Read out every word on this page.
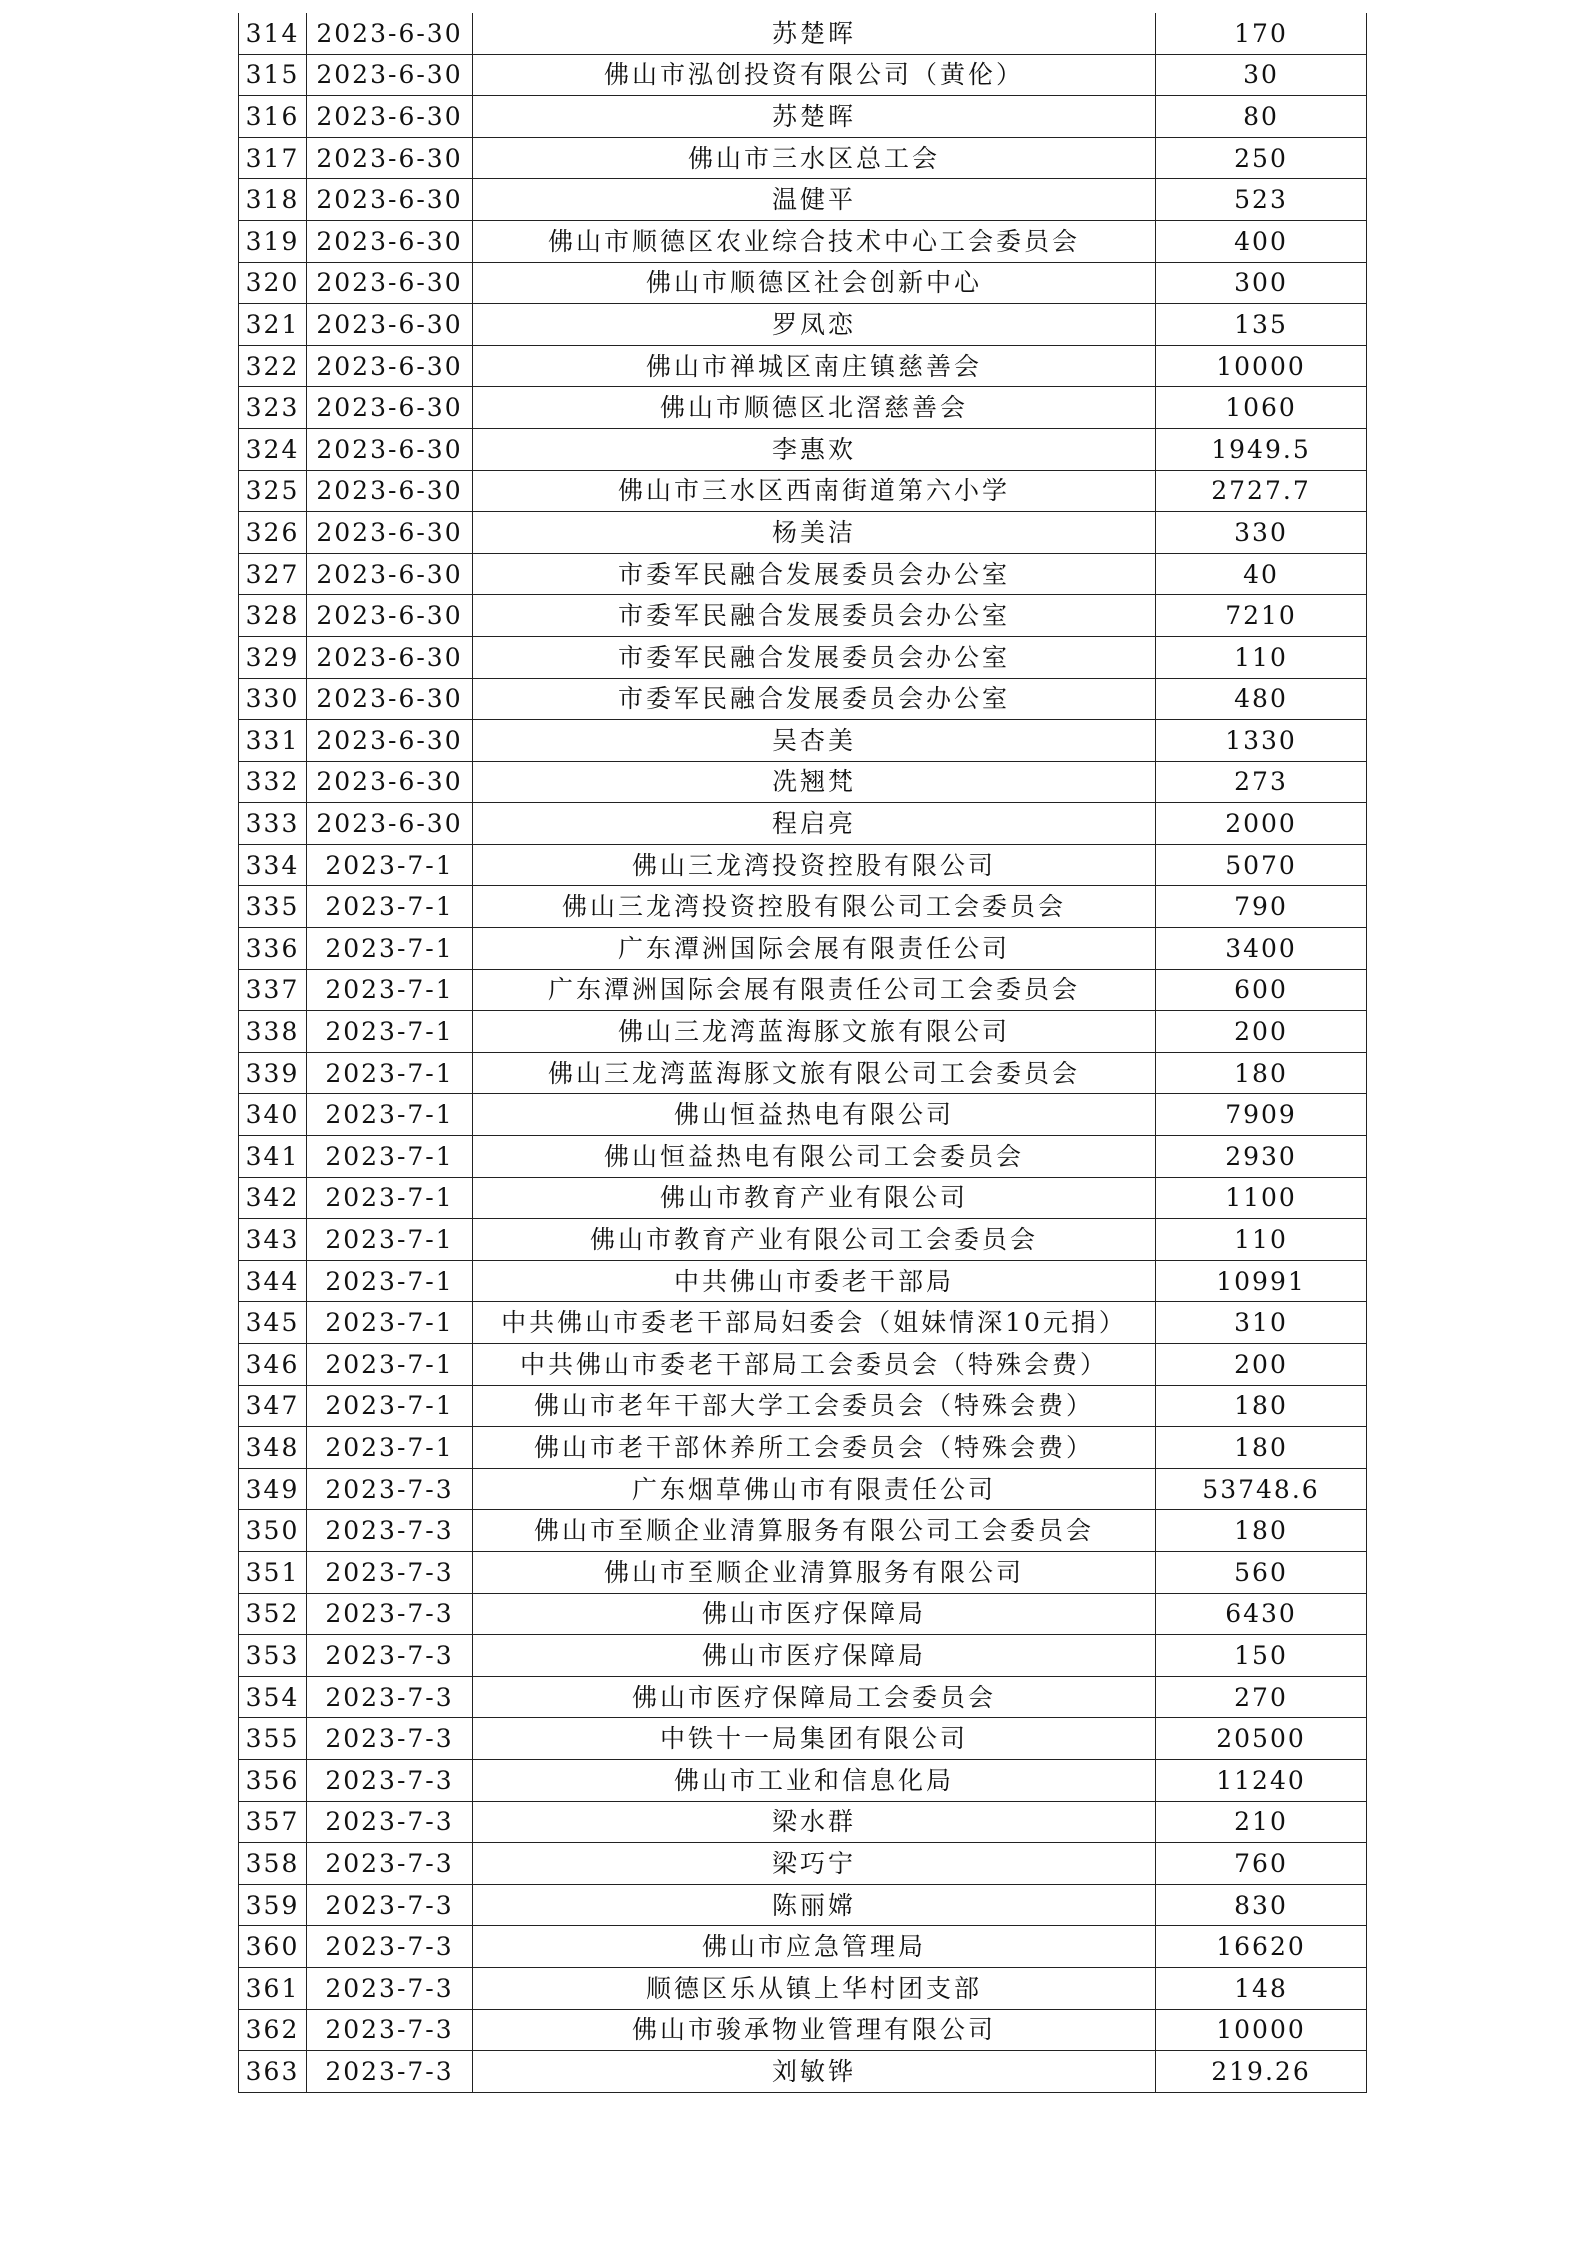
314	2023-6-30	苏楚晖	170
315	2023-6-30	佛山市泓创投资有限公司（黄伦）	30
316	2023-6-30	苏楚晖	80
317	2023-6-30	佛山市三水区总工会	250
318	2023-6-30	温健平	523
319	2023-6-30	佛山市顺德区农业综合技术中心工会委员会	400
320	2023-6-30	佛山市顺德区社会创新中心	300
321	2023-6-30	罗凤恋	135
322	2023-6-30	佛山市禅城区南庄镇慈善会	10000
323	2023-6-30	佛山市顺德区北滘慈善会	1060
324	2023-6-30	李惠欢	1949.5
325	2023-6-30	佛山市三水区西南街道第六小学	2727.7
326	2023-6-30	杨美洁	330
327	2023-6-30	市委军民融合发展委员会办公室	40
328	2023-6-30	市委军民融合发展委员会办公室	7210
329	2023-6-30	市委军民融合发展委员会办公室	110
330	2023-6-30	市委军民融合发展委员会办公室	480
331	2023-6-30	吴杏美	1330
332	2023-6-30	冼翘梵	273
333	2023-6-30	程启亮	2000
334	2023-7-1	佛山三龙湾投资控股有限公司	5070
335	2023-7-1	佛山三龙湾投资控股有限公司工会委员会	790
336	2023-7-1	广东潭洲国际会展有限责任公司	3400
337	2023-7-1	广东潭洲国际会展有限责任公司工会委员会	600
338	2023-7-1	佛山三龙湾蓝海豚文旅有限公司	200
339	2023-7-1	佛山三龙湾蓝海豚文旅有限公司工会委员会	180
340	2023-7-1	佛山恒益热电有限公司	7909
341	2023-7-1	佛山恒益热电有限公司工会委员会	2930
342	2023-7-1	佛山市教育产业有限公司	1100
343	2023-7-1	佛山市教育产业有限公司工会委员会	110
344	2023-7-1	中共佛山市委老干部局	10991
345	2023-7-1	中共佛山市委老干部局妇委会（姐妹情深10元捐）	310
346	2023-7-1	中共佛山市委老干部局工会委员会（特殊会费）	200
347	2023-7-1	佛山市老年干部大学工会委员会（特殊会费）	180
348	2023-7-1	佛山市老干部休养所工会委员会（特殊会费）	180
349	2023-7-3	广东烟草佛山市有限责任公司	53748.6
350	2023-7-3	佛山市至顺企业清算服务有限公司工会委员会	180
351	2023-7-3	佛山市至顺企业清算服务有限公司	560
352	2023-7-3	佛山市医疗保障局	6430
353	2023-7-3	佛山市医疗保障局	150
354	2023-7-3	佛山市医疗保障局工会委员会	270
355	2023-7-3	中铁十一局集团有限公司	20500
356	2023-7-3	佛山市工业和信息化局	11240
357	2023-7-3	梁水群	210
358	2023-7-3	梁巧宁	760
359	2023-7-3	陈丽嫦	830
360	2023-7-3	佛山市应急管理局	16620
361	2023-7-3	顺德区乐从镇上华村团支部	148
362	2023-7-3	佛山市骏承物业管理有限公司	10000
363	2023-7-3	刘敏铧	219.26
